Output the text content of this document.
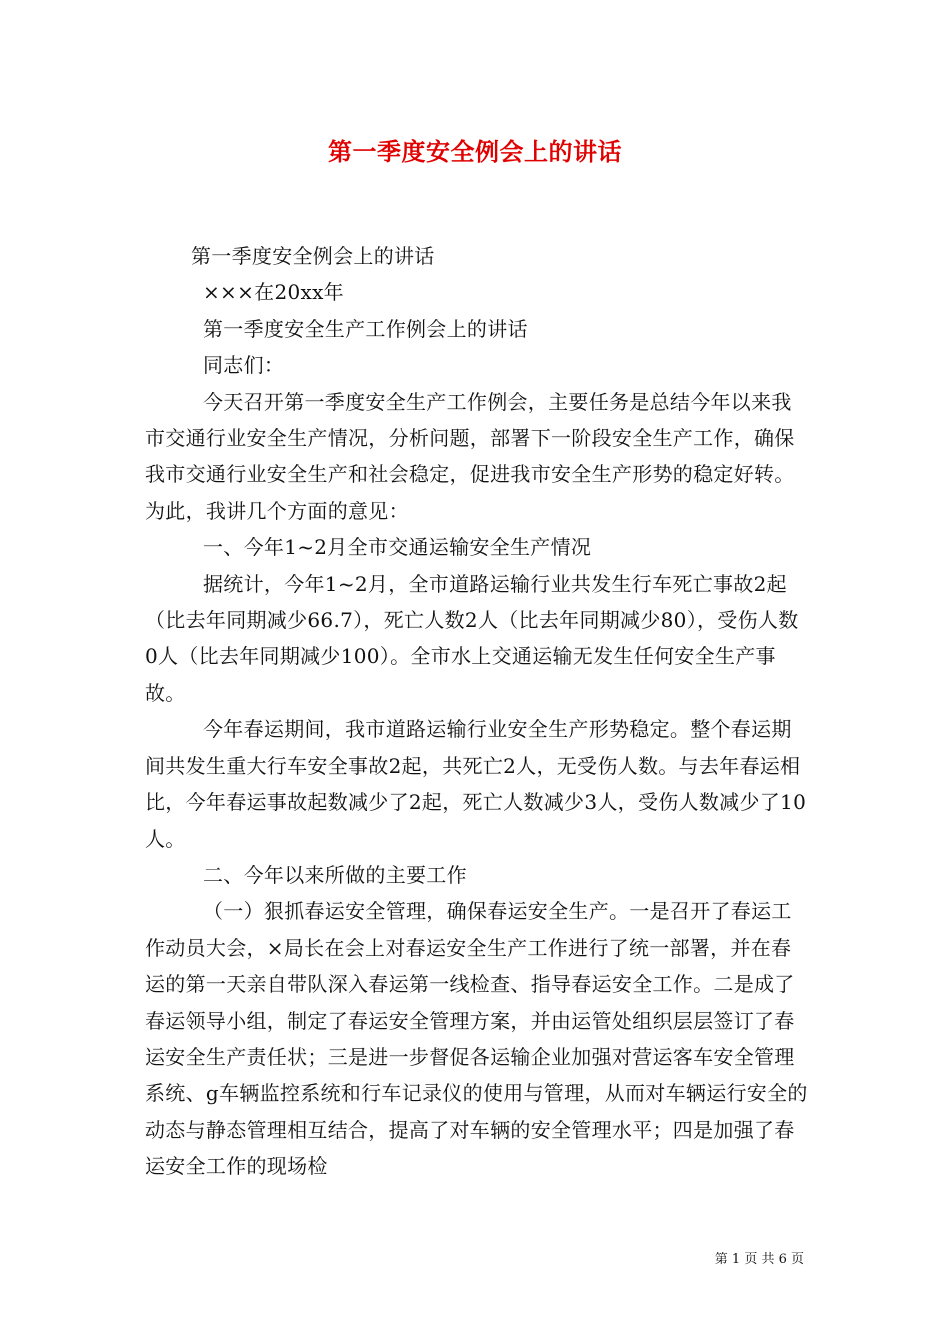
第一季度安全例会上的讲话

第一季度安全例会上的讲话

×××在20xx年

第一季度安全生产工作例会上的讲话

同志们：

今天召开第一季度安全生产工作例会，主要任务是总结今年以来我市交通行业安全生产情况，分析问题，部署下一阶段安全生产工作，确保我市交通行业安全生产和社会稳定，促进我市安全生产形势的稳定好转。为此，我讲几个方面的意见：

一、今年1~2月全市交通运输安全生产情况

据统计，今年1~2月，全市道路运输行业共发生行车死亡事故2起（比去年同期减少66.7），死亡人数2人（比去年同期减少80），受伤人数0人（比去年同期减少100）。全市水上交通运输无发生任何安全生产事故。

今年春运期间，我市道路运输行业安全生产形势稳定。整个春运期间共发生重大行车安全事故2起，共死亡2人，无受伤人数。与去年春运相比，今年春运事故起数减少了2起，死亡人数减少3人，受伤人数减少了10人。

二、今年以来所做的主要工作

（一）狠抓春运安全管理，确保春运安全生产。一是召开了春运工作动员大会，×局长在会上对春运安全生产工作进行了统一部署，并在春运的第一天亲自带队深入春运第一线检查、指导春运安全工作。二是成了春运领导小组，制定了春运安全管理方案，并由运管处组织层层签订了春运安全生产责任状；三是进一步督促各运输企业加强对营运客车安全管理系统、g车辆监控系统和行车记录仪的使用与管理，从而对车辆运行安全的动态与静态管理相互结合，提高了对车辆的安全管理水平；四是加强了春运安全工作的现场检

第 1 页 共 6 页
